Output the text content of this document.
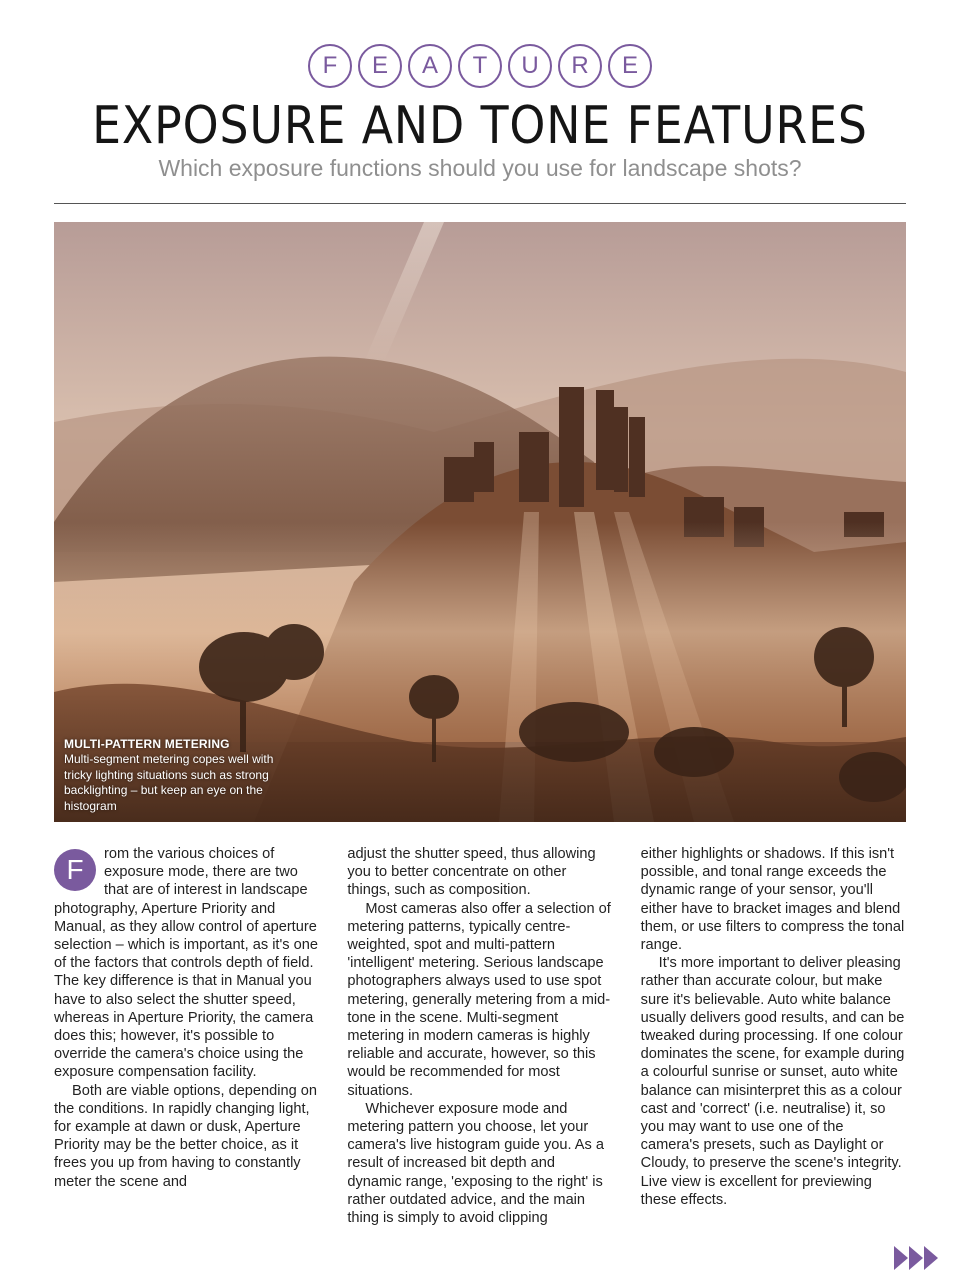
F	E	A	T	U	R	E
EXPOSURE AND TONE FEATURES
Which exposure functions should you use for landscape shots?
MULTI-PATTERN METERING
Multi-segment metering copes well with tricky lighting situations such as strong backlighting – but keep an eye on the histogram
F	rom the various choices of exposure mode, there are two that are of interest in landscape photography, Aperture Priority and Manual, as they allow control of aperture selection – which is important, as it's one of the factors that controls depth of field. The key difference is that in Manual you have to also select the shutter speed, whereas in Aperture Priority, the camera does this; however, it's possible to override the camera's choice using the exposure compensation facility.

Both are viable options, depending on the conditions. In rapidly changing light, for example at dawn or dusk, Aperture Priority may be the better choice, as it frees you up from having to constantly meter the scene and

adjust the shutter speed, thus allowing you to better concentrate on other things, such as composition.

Most cameras also offer a selection of metering patterns, typically centre-weighted, spot and multi-pattern 'intelligent' metering. Serious landscape photographers always used to use spot metering, generally metering from a mid-tone in the scene. Multi-segment metering in modern cameras is highly reliable and accurate, however, so this would be recommended for most situations.

Whichever exposure mode and metering pattern you choose, let your camera's live histogram guide you. As a result of increased bit depth and dynamic range, 'exposing to the right' is rather outdated advice, and the main thing is simply to avoid clipping

either highlights or shadows. If this isn't possible, and tonal range exceeds the dynamic range of your sensor, you'll either have to bracket images and blend them, or use filters to compress the tonal range.

It's more important to deliver pleasing rather than accurate colour, but make sure it's believable. Auto white balance usually delivers good results, and can be tweaked during processing. If one colour dominates the scene, for example during a colourful sunrise or sunset, auto white balance can misinterpret this as a colour cast and 'correct' (i.e. neutralise) it, so you may want to use one of the camera's presets, such as Daylight or Cloudy, to preserve the scene's integrity. Live view is excellent for previewing these effects.
